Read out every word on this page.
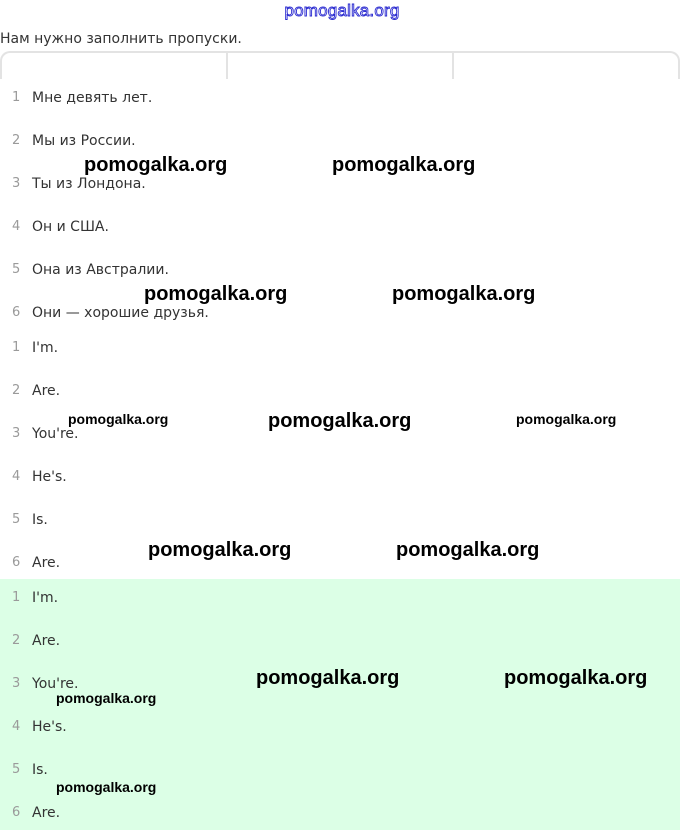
pomogalka.org

Нам нужно заполнить пропуски.

1 Мне девять лет.
2 Мы из России.
3 Ты из Лондона.
4 Он и США.
5 Она из Австралии.
6 Они — хорошие друзья.
1 I'm.
2 Are.
3 You're.
4 He's.
5 Is.
6 Are.
1 I'm.
2 Are.
3 You're.
4 He's.
5 Is.
6 Are.
pomogalka.org	pomogalka.org
pomogalka.org	pomogalka.org
pomogalka.org	pomogalka.org	pomogalka.org
pomogalka.org	pomogalka.org
pomogalka.org	pomogalka.org
pomogalka.org
pomogalka.org
